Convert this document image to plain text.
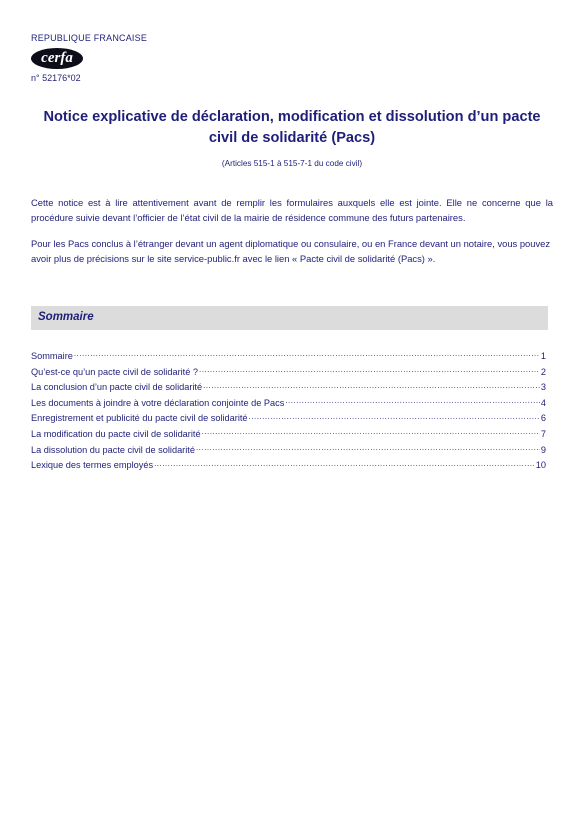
REPUBLIQUE FRANCAISE
cerfa
n° 52176*02
Notice explicative de déclaration, modification et dissolution d’un pacte civil de solidarité (Pacs)
(Articles 515-1 à 515-7-1 du code civil)
Cette notice est à lire attentivement avant de remplir les formulaires auxquels elle est jointe. Elle ne concerne que la procédure suivie devant l’officier de l’état civil de la mairie de résidence commune des futurs partenaires.
Pour les Pacs conclus à l’étranger devant un agent diplomatique ou consulaire, ou en France devant un notaire, vous pouvez avoir plus de précisions sur le site service-public.fr avec le lien « Pacte civil de solidarité (Pacs) ».
Sommaire
Sommaire .....	1
Qu’est-ce qu’un pacte civil de solidarité ? .....	2
La conclusion d’un pacte civil de solidarité .....	3
Les documents à joindre à votre déclaration conjointe de Pacs .....	4
Enregistrement et publicité du pacte civil de solidarité .....	6
La modification du pacte civil de solidarité .....	7
La dissolution du pacte civil de solidarité .....	9
Lexique des termes employés .....	10
